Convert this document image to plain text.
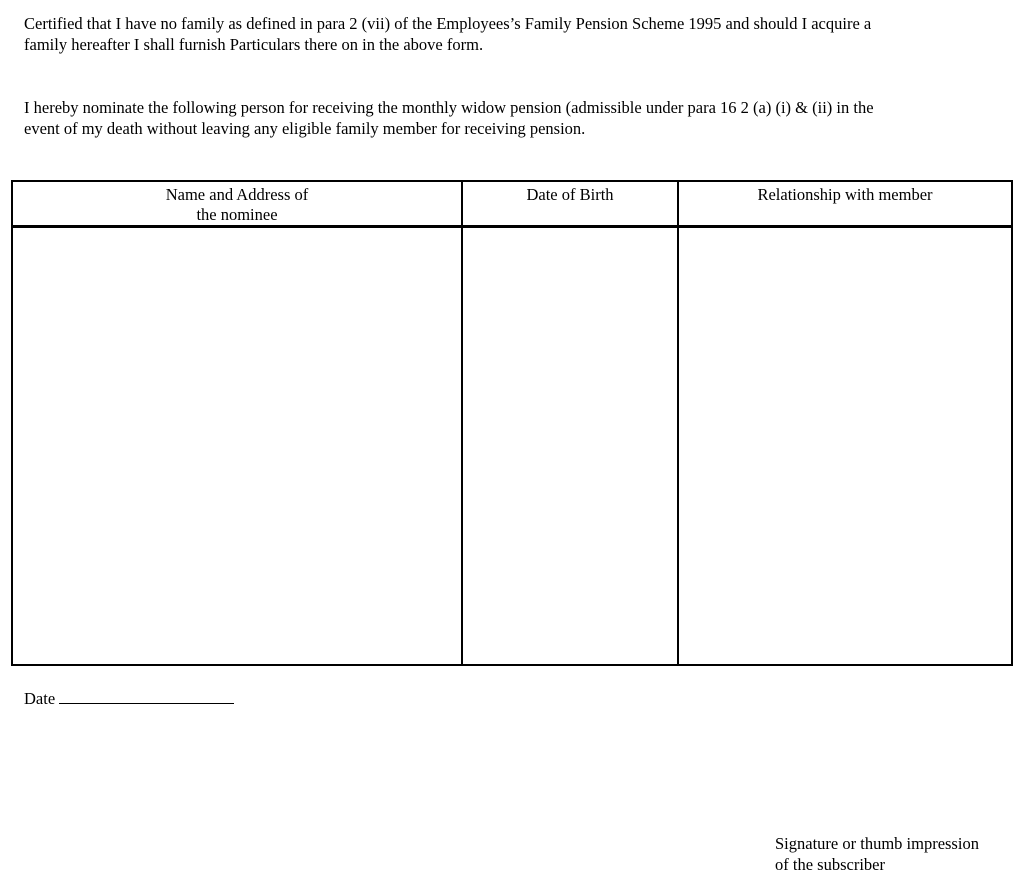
Certified that I have no family as defined in para 2 (vii) of the Employees’s Family Pension Scheme 1995 and should I acquire a
family hereafter I shall furnish Particulars there on in the above form.

I hereby nominate the following person for receiving the monthly widow pension (admissible under para 16 2 (a) (i) & (ii) in the
event of my death without leaving any eligible family member for receiving pension.

Name and Address of
the nominee	Date of Birth	Relationship with member

Date
Signature or thumb impression
of the subscriber
